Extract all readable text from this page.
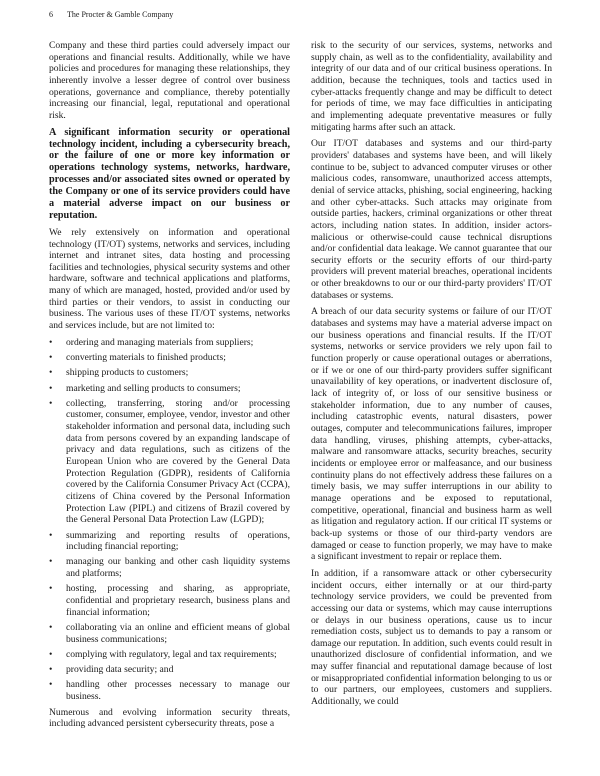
6 The Procter & Gamble Company

Company and these third parties could adversely impact our operations and financial results. Additionally, while we have policies and procedures for managing these relationships, they inherently involve a lesser degree of control over business operations, governance and compliance, thereby potentially increasing our financial, legal, reputational and operational risk.

A significant information security or operational technology incident, including a cybersecurity breach, or the failure of one or more key information or operations technology systems, networks, hardware, processes and/or associated sites owned or operated by the Company or one of its service providers could have a material adverse impact on our business or reputation.

We rely extensively on information and operational technology (IT/OT) systems, networks and services, including internet and intranet sites, data hosting and processing facilities and technologies, physical security systems and other hardware, software and technical applications and platforms, many of which are managed, hosted, provided and/or used by third parties or their vendors, to assist in conducting our business. The various uses of these IT/OT systems, networks and services include, but are not limited to:

• ordering and managing materials from suppliers;
• converting materials to finished products;
• shipping products to customers;
• marketing and selling products to consumers;
• collecting, transferring, storing and/or processing customer, consumer, employee, vendor, investor and other stakeholder information and personal data, including such data from persons covered by an expanding landscape of privacy and data regulations, such as citizens of the European Union who are covered by the General Data Protection Regulation (GDPR), residents of California covered by the California Consumer Privacy Act (CCPA), citizens of China covered by the Personal Information Protection Law (PIPL) and citizens of Brazil covered by the General Personal Data Protection Law (LGPD);
• summarizing and reporting results of operations, including financial reporting;
• managing our banking and other cash liquidity systems and platforms;
• hosting, processing and sharing, as appropriate, confidential and proprietary research, business plans and financial information;
• collaborating via an online and efficient means of global business communications;
• complying with regulatory, legal and tax requirements;
• providing data security; and
• handling other processes necessary to manage our business.

Numerous and evolving information security threats, including advanced persistent cybersecurity threats, pose a

risk to the security of our services, systems, networks and supply chain, as well as to the confidentiality, availability and integrity of our data and of our critical business operations. In addition, because the techniques, tools and tactics used in cyber-attacks frequently change and may be difficult to detect for periods of time, we may face difficulties in anticipating and implementing adequate preventative measures or fully mitigating harms after such an attack.

Our IT/OT databases and systems and our third-party providers' databases and systems have been, and will likely continue to be, subject to advanced computer viruses or other malicious codes, ransomware, unauthorized access attempts, denial of service attacks, phishing, social engineering, hacking and other cyber-attacks. Such attacks may originate from outside parties, hackers, criminal organizations or other threat actors, including nation states. In addition, insider actors-malicious or otherwise-could cause technical disruptions and/or confidential data leakage. We cannot guarantee that our security efforts or the security efforts of our third-party providers will prevent material breaches, operational incidents or other breakdowns to our or our third-party providers' IT/OT databases or systems.

A breach of our data security systems or failure of our IT/OT databases and systems may have a material adverse impact on our business operations and financial results. If the IT/OT systems, networks or service providers we rely upon fail to function properly or cause operational outages or aberrations, or if we or one of our third-party providers suffer significant unavailability of key operations, or inadvertent disclosure of, lack of integrity of, or loss of our sensitive business or stakeholder information, due to any number of causes, including catastrophic events, natural disasters, power outages, computer and telecommunications failures, improper data handling, viruses, phishing attempts, cyber-attacks, malware and ransomware attacks, security breaches, security incidents or employee error or malfeasance, and our business continuity plans do not effectively address these failures on a timely basis, we may suffer interruptions in our ability to manage operations and be exposed to reputational, competitive, operational, financial and business harm as well as litigation and regulatory action. If our critical IT systems or back-up systems or those of our third-party vendors are damaged or cease to function properly, we may have to make a significant investment to repair or replace them.

In addition, if a ransomware attack or other cybersecurity incident occurs, either internally or at our third-party technology service providers, we could be prevented from accessing our data or systems, which may cause interruptions or delays in our business operations, cause us to incur remediation costs, subject us to demands to pay a ransom or damage our reputation. In addition, such events could result in unauthorized disclosure of confidential information, and we may suffer financial and reputational damage because of lost or misappropriated confidential information belonging to us or to our partners, our employees, customers and suppliers. Additionally, we could
